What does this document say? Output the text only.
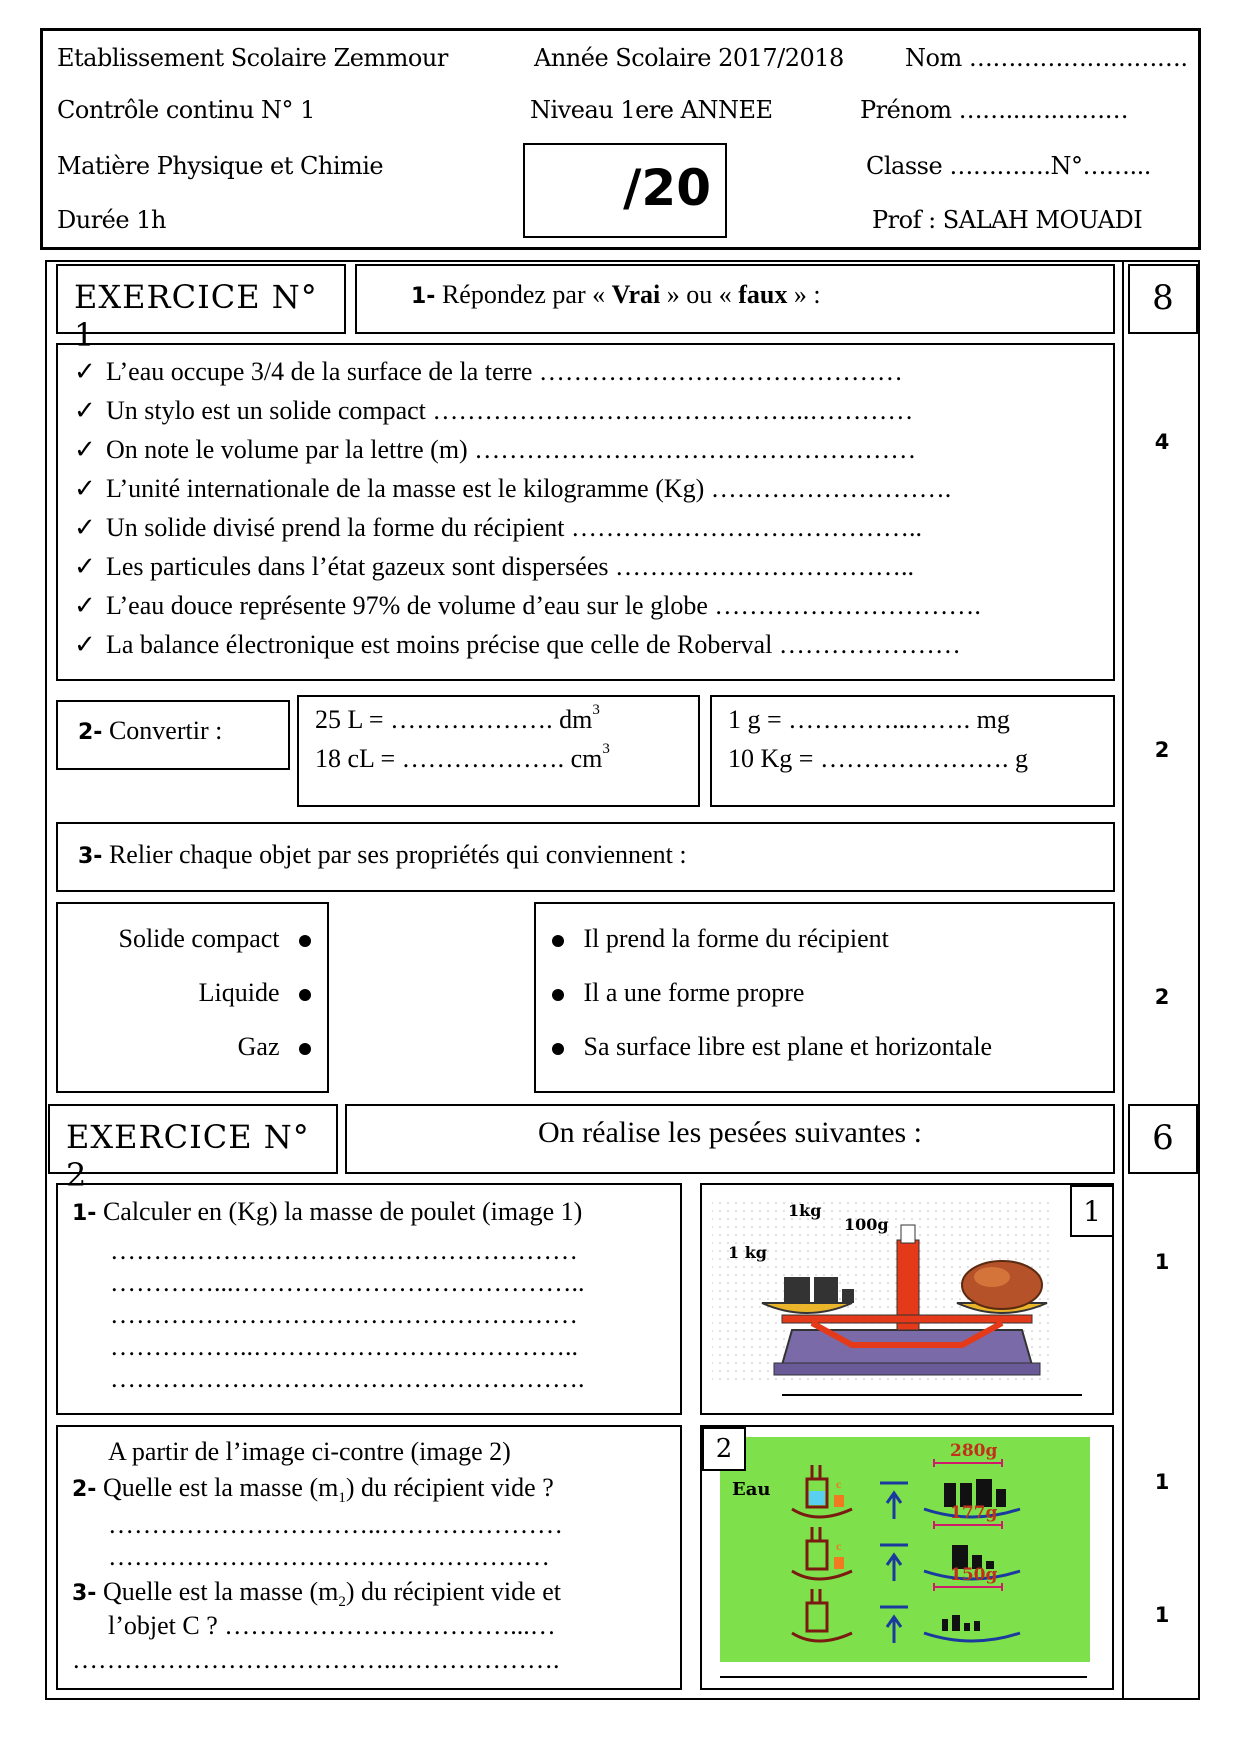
Etablissement Scolaire Zemmour	Année Scolaire 2017/2018	Nom ……………………….
Contrôle continu N° 1	Niveau 1ere ANNEE	Prénom ……...….………
Matière Physique et Chimie	Classe ………….N°……...
Durée 1h	Prof : SALAH MOUADI
/20
EXERCICE N° 1
1- Répondez par « Vrai » ou « faux » :	8
✓ L’eau occupe 3/4 de la surface de la terre ……………………………………
✓ Un stylo est un solide compact ……………………………………..…………
✓ On note le volume par la lettre (m) ……………………………………………
✓ L’unité internationale de la masse est le kilogramme (Kg) ……………………….
✓ Un solide divisé prend la forme du récipient …………………………………..
✓ Les particules dans l’état gazeux sont dispersées ……………………………..
✓ L’eau douce représente 97% de volume d’eau sur le globe ………………………….
✓ La balance électronique est moins précise que celle de Roberval …………………
4
2- Convertir :	25 L = ………………. $dm^3$
18 cL = ………………. $cm^3$
1 g = …………...……. mg
10 Kg = …………………. g	2
3- Relier chaque objet par ses propriétés qui conviennent :
Solide compact
Liquide
Gaz
Il prend la forme du récipient
Il a une forme propre
Sa surface libre est plane et horizontale
2
EXERCICE N° 2
On réalise les pesées suivantes :	6
1- Calculer en (Kg) la masse de poulet (image 1)
………………………………………………
…………...…………………………………..
………………………………………………
……………..………………………………..
……………………………………………….
1kg
1 kg
100g	1
1
A partir de l’image ci-contre (image 2)
2- Quelle est la masse $(m_1)$ du récipient vide ?
…………………………..…………………
……………………………………………
3- Quelle est la masse $(m_2)$ du récipient vide et
l’objet C ? ……………………………...…
………………………………..……………….
Eau	c
c
280g
177g
150g
2
1
1
